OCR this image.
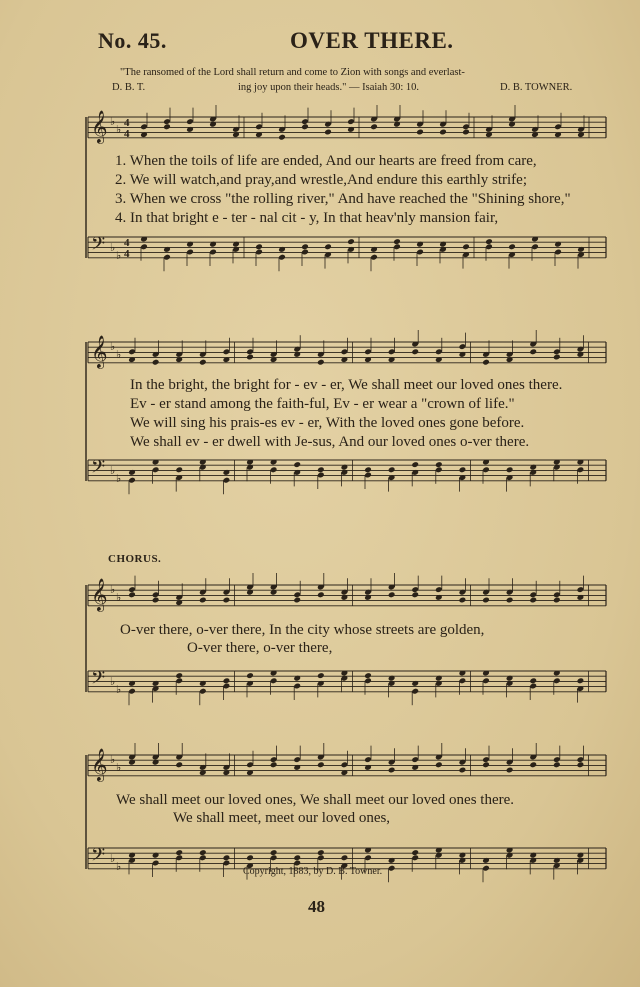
No. 45.	OVER THERE.
"The ransomed of the Lord shall return and come to Zion with songs and everlast-
D. B. T.	ing joy upon their heads." — Isaiah 30: 10.	D. B. TOWNER.
𝄞 ♭
♭
4
4
𝄢 ♭
♭
4
4
𝄞 ♭
♭
𝄢 ♭
♭
𝄞 ♭
♭
𝄢 ♭
♭
𝄞 ♭
♭
𝄢 ♭
♭
1. When the toils of life are ended, And our hearts are freed from care,
2. We will watch,and pray,and wrestle,And endure this earthly strife;
3. When we cross "the rolling river," And have reached the "Shining shore,"
4. In that bright e - ter - nal cit - y, In that heav'nly mansion fair,
In the bright, the bright for - ev - er, We shall meet our loved ones there.
Ev - er stand among the faith-ful, Ev - er wear a "crown of life."
We will sing his prais-es ev - er, With the loved ones gone before.
We shall ev - er dwell with Je-sus, And our loved ones o-ver there.
CHORUS.
O-ver there, o-ver there, In the city whose streets are golden,
O-ver there, o-ver there,
We shall meet our loved ones, We shall meet our loved ones there.
We shall meet, meet our loved ones,
Copyright, 1883, by D. B. Towner.
48
